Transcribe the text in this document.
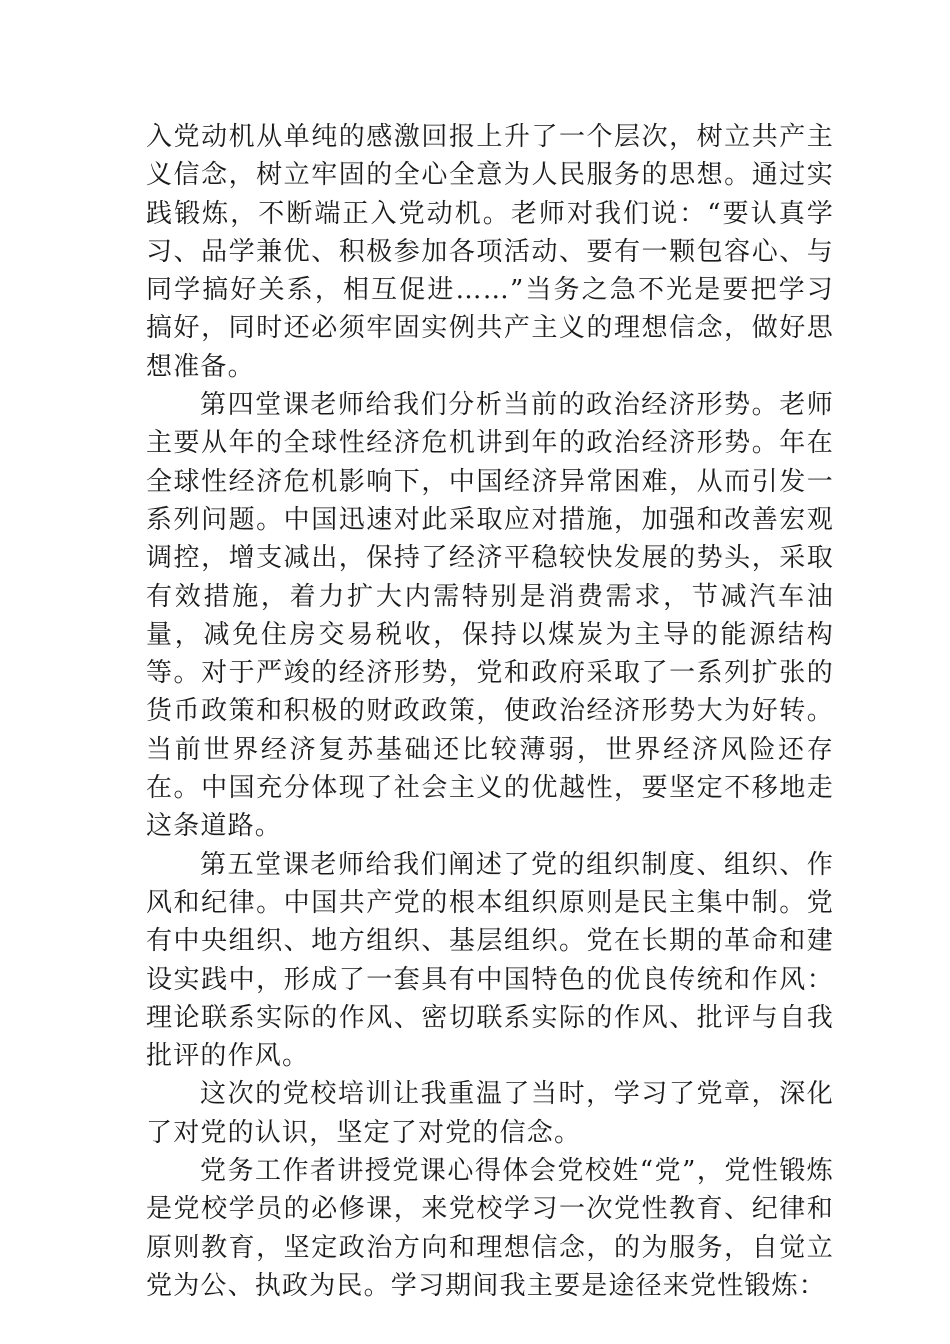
入党动机从单纯的感激回报上升了一个层次，树立共产主义信念，树立牢固的全心全意为人民服务的思想。通过实践锻炼，不断端正入党动机。老师对我们说：“要认真学习、品学兼优、积极参加各项活动、要有一颗包容心、与同学搞好关系，相互促进……”当务之急不光是要把学习搞好，同时还必须牢固实例共产主义的理想信念，做好思想准备。

第四堂课老师给我们分析当前的政治经济形势。老师主要从年的全球性经济危机讲到年的政治经济形势。年在全球性经济危机影响下，中国经济异常困难，从而引发一系列问题。中国迅速对此采取应对措施，加强和改善宏观调控，增支减出，保持了经济平稳较快发展的势头，采取有效措施，着力扩大内需特别是消费需求，节减汽车油量，减免住房交易税收，保持以煤炭为主导的能源结构等。对于严竣的经济形势，党和政府采取了一系列扩张的货币政策和积极的财政政策，使政治经济形势大为好转。当前世界经济复苏基础还比较薄弱，世界经济风险还存在。中国充分体现了社会主义的优越性，要坚定不移地走这条道路。

第五堂课老师给我们阐述了党的组织制度、组织、作风和纪律。中国共产党的根本组织原则是民主集中制。党有中央组织、地方组织、基层组织。党在长期的革命和建设实践中，形成了一套具有中国特色的优良传统和作风：理论联系实际的作风、密切联系实际的作风、批评与自我批评的作风。

这次的党校培训让我重温了当时，学习了党章，深化了对党的认识，坚定了对党的信念。

党务工作者讲授党课心得体会党校姓“党”，党性锻炼是党校学员的必修课，来党校学习一次党性教育、纪律和原则教育，坚定政治方向和理想信念，的为服务，自觉立党为公、执政为民。学习期间我主要是途径来党性锻炼：
